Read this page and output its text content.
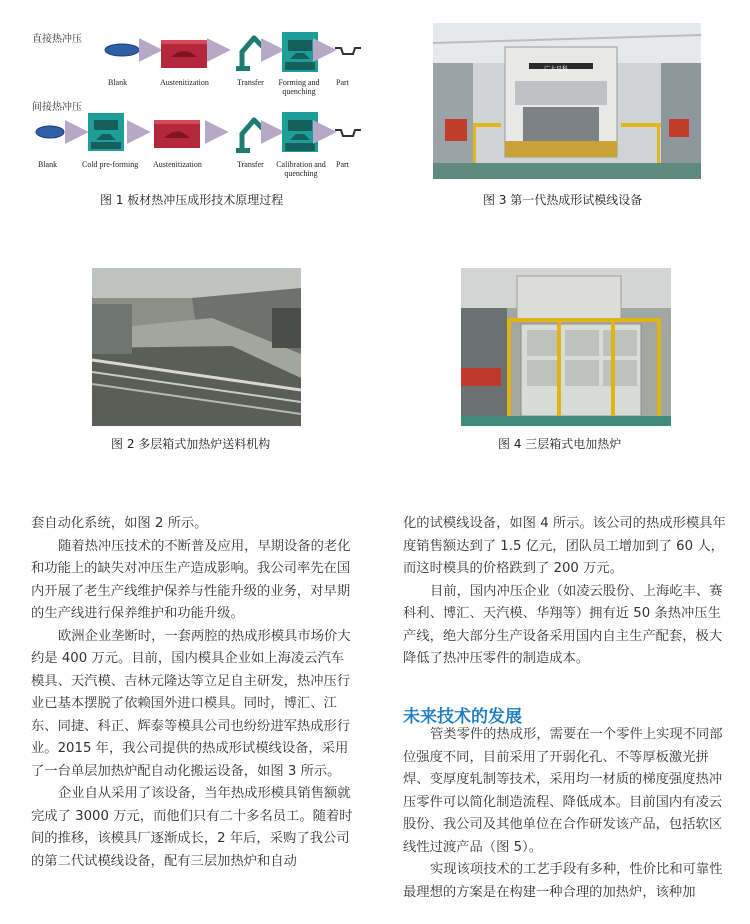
直接热冲压
间接热冲压
Blank	Austenitization	Transfer Forming and quenching
Part
Blank	Cold pre-forming Austenitization	Transfer Calibration and quenching
Part
图 1 板材热冲压成形技术原理过程
广大星科
图 3 第一代热成形试模线设备
图 2 多层箱式加热炉送料机构	图 4 三层箱式电加热炉

套自动化系统，如图 2 所示。

随着热冲压技术的不断普及应用，早期设备的老化和功能上的缺失对冲压生产造成影响。我公司率先在国内开展了老生产线维护保养与性能升级的业务，对早期的生产线进行保养维护和功能升级。

欧洲企业垄断时，一套两腔的热成形模具市场价大约是 400 万元。目前，国内模具企业如上海凌云汽车模具、天汽模、吉林元隆达等立足自主研发，热冲压行业已基本摆脱了依赖国外进口模具。同时，博汇、江东、同捷、科正、辉泰等模具公司也纷纷进军热成形行业。2015 年，我公司提供的热成形试模线设备，采用了一台单层加热炉配自动化搬运设备，如图 3 所示。

企业自从采用了该设备，当年热成形模具销售额就完成了 3000 万元，而他们只有二十多名员工。随着时间的推移，该模具厂逐渐成长，2 年后，采购了我公司的第二代试模线设备，配有三层加热炉和自动

化的试模线设备，如图 4 所示。该公司的热成形模具年度销售额达到了 1.5 亿元，团队员工增加到了 60 人，而这时模具的价格跌到了 200 万元。

目前，国内冲压企业（如凌云股份、上海屹丰、赛科利、博汇、天汽模、华翔等）拥有近 50 条热冲压生产线，绝大部分生产设备采用国内自主生产配套，极大降低了热冲压零件的制造成本。

未来技术的发展

管类零件的热成形，需要在一个零件上实现不同部位强度不同，目前采用了开弱化孔、不等厚板激光拼焊、变厚度轧制等技术，采用均一材质的梯度强度热冲压零件可以简化制造流程、降低成本。目前国内有凌云股份、我公司及其他单位在合作研发该产品，包括软区线性过渡产品（图 5）。

实现该项技术的工艺手段有多种，性价比和可靠性最理想的方案是在构建一种合理的加热炉，该种加
